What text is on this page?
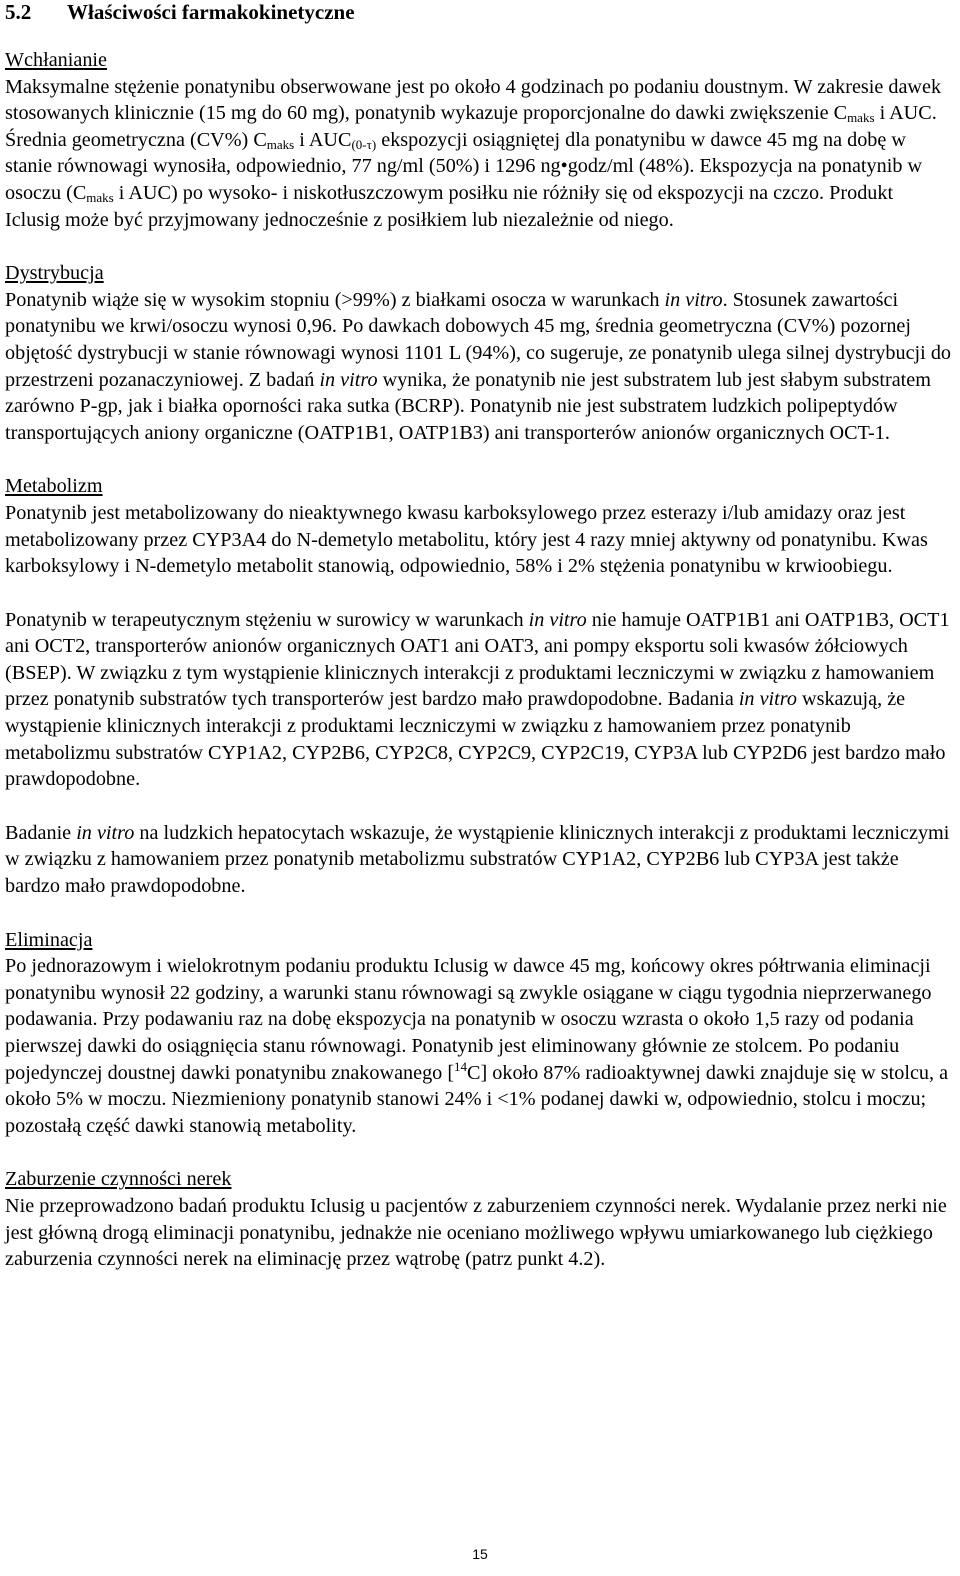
5.2 Właściwości farmakokinetyczne
Wchłanianie

Maksymalne stężenie ponatynibu obserwowane jest po około 4 godzinach po podaniu doustnym. W zakresie dawek stosowanych klinicznie (15 mg do 60 mg), ponatynib wykazuje proporcjonalne do dawki zwiększenie $C_{maks}$ i AUC. Średnia geometryczna (CV%) $C_{maks}$ i $AUC_{(0-\tau)}$ ekspozycji osiągniętej dla ponatynibu w dawce 45 mg na dobę w stanie równowagi wynosiła, odpowiednio, 77 ng/ml (50%) i 1296 ng•godz/ml (48%). Ekspozycja na ponatynib w osoczu ($C_{maks}$ i AUC) po wysoko- i niskotłuszczowym posiłku nie różniły się od ekspozycji na czczo. Produkt Iclusig może być przyjmowany jednocześnie z posiłkiem lub niezależnie od niego.

Dystrybucja

Ponatynib wiąże się w wysokim stopniu (>99%) z białkami osocza w warunkach in vitro. Stosunek zawartości ponatynibu we krwi/osoczu wynosi 0,96. Po dawkach dobowych 45 mg, średnia geometryczna (CV%) pozornej objętość dystrybucji w stanie równowagi wynosi 1101 L (94%), co sugeruje, ze ponatynib ulega silnej dystrybucji do przestrzeni pozanaczyniowej. Z badań in vitro wynika, że ponatynib nie jest substratem lub jest słabym substratem zarówno P-gp, jak i białka oporności raka sutka (BCRP). Ponatynib nie jest substratem ludzkich polipeptydów transportujących aniony organiczne (OATP1B1, OATP1B3) ani transporterów anionów organicznych OCT-1.

Metabolizm

Ponatynib jest metabolizowany do nieaktywnego kwasu karboksylowego przez esterazy i/lub amidazy oraz jest metabolizowany przez CYP3A4 do N-demetylo metabolitu, który jest 4 razy mniej aktywny od ponatynibu. Kwas karboksylowy i N-demetylo metabolit stanowią, odpowiednio, 58% i 2% stężenia ponatynibu w krwioobiegu.

Ponatynib w terapeutycznym stężeniu w surowicy w warunkach in vitro nie hamuje OATP1B1 ani OATP1B3, OCT1 ani OCT2, transporterów anionów organicznych OAT1 ani OAT3, ani pompy eksportu soli kwasów żółciowych (BSEP). W związku z tym wystąpienie klinicznych interakcji z produktami leczniczymi w związku z hamowaniem przez ponatynib substratów tych transporterów jest bardzo mało prawdopodobne. Badania in vitro wskazują, że wystąpienie klinicznych interakcji z produktami leczniczymi w związku z hamowaniem przez ponatynib metabolizmu substratów CYP1A2, CYP2B6, CYP2C8, CYP2C9, CYP2C19, CYP3A lub CYP2D6 jest bardzo mało prawdopodobne.

Badanie in vitro na ludzkich hepatocytach wskazuje, że wystąpienie klinicznych interakcji z produktami leczniczymi w związku z hamowaniem przez ponatynib metabolizmu substratów CYP1A2, CYP2B6 lub CYP3A jest także bardzo mało prawdopodobne.

Eliminacja

Po jednorazowym i wielokrotnym podaniu produktu Iclusig w dawce 45 mg, końcowy okres półtrwania eliminacji ponatynibu wynosił 22 godziny, a warunki stanu równowagi są zwykle osiągane w ciągu tygodnia nieprzerwanego podawania. Przy podawaniu raz na dobę ekspozycja na ponatynib w osoczu wzrasta o około 1,5 razy od podania pierwszej dawki do osiągnięcia stanu równowagi. Ponatynib jest eliminowany głównie ze stolcem. Po podaniu pojedynczej doustnej dawki ponatynibu znakowanego [$^{14}$C] około 87% radioaktywnej dawki znajduje się w stolcu, a około 5% w moczu. Niezmieniony ponatynib stanowi 24% i <1% podanej dawki w, odpowiednio, stolcu i moczu; pozostałą część dawki stanowią metabolity.

Zaburzenie czynności nerek

Nie przeprowadzono badań produktu Iclusig u pacjentów z zaburzeniem czynności nerek. Wydalanie przez nerki nie jest główną drogą eliminacji ponatynibu, jednakże nie oceniano możliwego wpływu umiarkowanego lub ciężkiego zaburzenia czynności nerek na eliminację przez wątrobę (patrz punkt 4.2).

15
